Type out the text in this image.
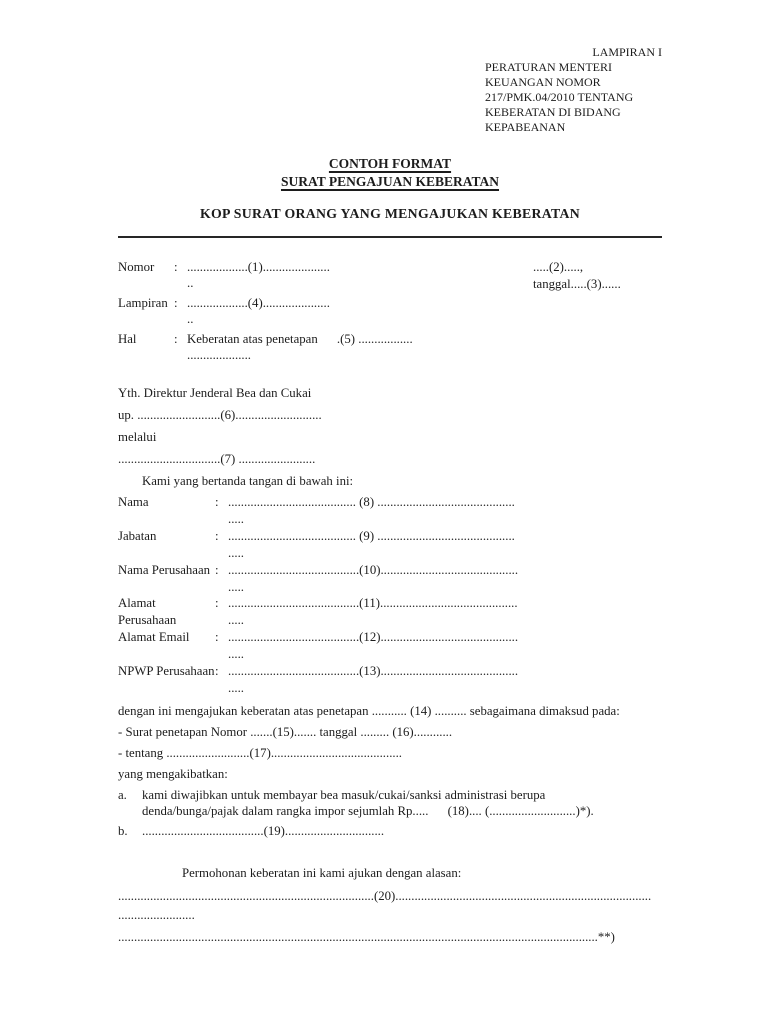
LAMPIRAN I
PERATURAN MENTERI
KEUANGAN NOMOR
217/PMK.04/2010 TENTANG
KEBERATAN DI BIDANG
KEPABEANAN
CONTOH FORMAT
SURAT PENGAJUAN KEBERATAN
KOP SURAT ORANG YANG MENGAJUKAN KEBERATAN
Nomor	: ...................(1).....................
..
Lampiran : ...................(4).....................
..
Hal	: Keberatan atas penetapan      .(5) .................
....................
Yth. Direktur Jenderal Bea dan Cukai
up. ..........................(6)...........................
melalui
................................(7) ........................
Kami yang bertanda tangan di bawah ini:
Nama	: ........................................ (8) ...........................................
.....
Jabatan	: ........................................ (9) ...........................................
.....
Nama Perusahaan : .........................................(10)...........................................
.....
Alamat Perusahaan
: .........................................(11)...........................................
.....
Alamat Email	: .........................................(12)...........................................
.....
NPWP Perusahaan : .........................................(13)...........................................
.....
dengan ini mengajukan keberatan atas penetapan ........... (14) .......... sebagaimana dimaksud pada:
- Surat penetapan Nomor .......(15)....... tanggal ......... (16)............
- tentang ..........................(17).........................................
yang mengakibatkan:
a.	kami diwajibkan untuk membayar bea masuk/cukai/sanksi administrasi berupa
denda/bunga/pajak dalam rangka impor sejumlah Rp.....      (18).... (...........................)*).
b.	......................................(19)...............................
Permohonan keberatan ini kami ajukan dengan alasan:
................................................................................(20)................................................................................
........................
......................................................................................................................................................**)
.....(2).....,
tanggal.....(3)......
